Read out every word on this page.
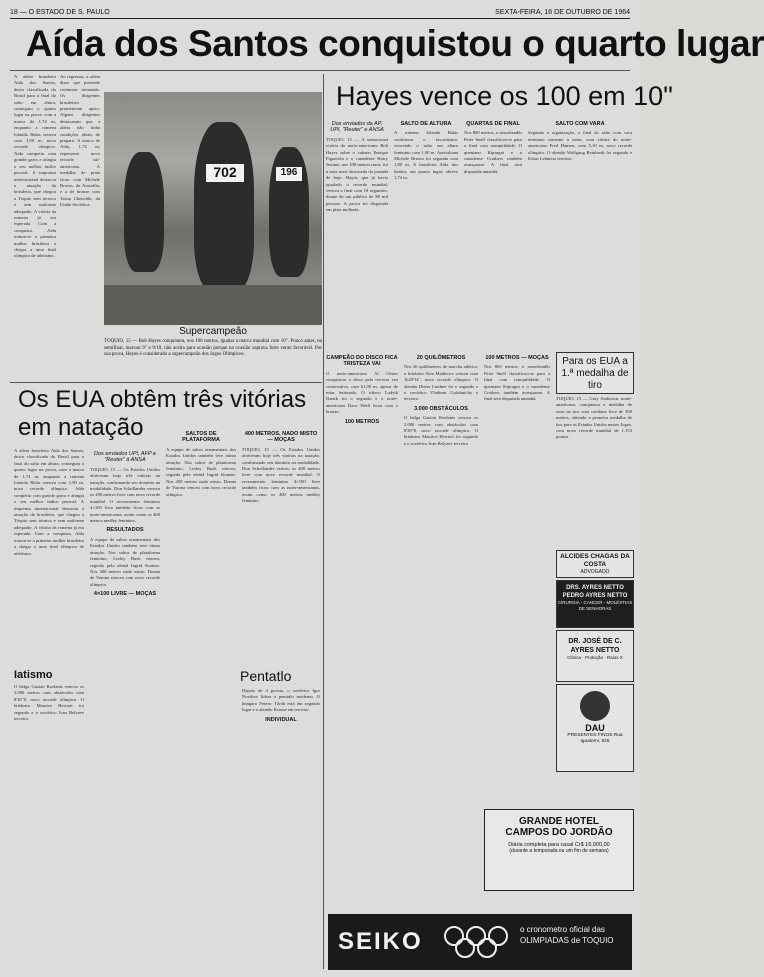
18 — O ESTADO DE S. PAULO	SEXTA-FEIRA, 16 DE OUTUBRO DE 1964
Aída dos Santos conquistou o quarto lugar
A atleta brasileira Aída dos Santos, única classificada do Brasil para a final do salto em altura, conseguiu o quarto lugar na prova, com a marca de 1,74 m, enquanto a romena Iolanda Balas venceu com 1,90 m, novo recorde olímpico. Aída competiu com grande garra e atingiu o seu melhor índice pessoal. A imprensa internacional destacou a atuação da brasileira, que chegou a Tóquio sem técnico e sem uniforme adequado. A vitória da romena já era esperada. Com a conquista, Aída tornou-se a primeira mulher brasileira a chegar a uma final olímpica de atletismo.
Ao regressar, a atleta disse que pretende continuar treinando. Os dirigentes brasileiros prometeram apoio. Alguns dirigentes destacaram que a atleta não tinha condições ideais de preparo. A marca de Aída, 1,74 m, representa novo recorde sul-americano. A medalha de prata ficou com Michele Brown, da Austrália, e a de bronze com Taisia Chenchik, da União Soviética.
702	196
Supercampeão
TOQUIO, 15 — Bob Hayes conquistou, nos 100 metros, igualar a marca mundial com 10". Pouco antes, na semifinal, marcou 9" e 9/10, não aceita para ocasião porque na ocasião soprava forte vento favorável. Por sua prova, Hayes é considerado a supercampeão dos Jogos Olímpicos.
Hayes vence os 100 em 10"
Dos enviados da AP, UPI, "Reuter" e ANSA
TOQUIO, 15 — A sensacional vitória do norte-americano Bob Hayes sobre o cubano Enrique Figuerola e o canadense Harry Jerome, nos 100 metros rasos, foi a nota mais destacada da jornada de hoje. Hayes, que já havia igualado o recorde mundial, venceu a final com 10 segundos, diante de um público de 80 mil pessoas. A prova foi disputada em pista molhada.
SALTO DE ALTURA
A romena Iolanda Balas confirmou o favoritismo, vencendo o salto em altura feminino com 1,90 m. Australiana Michele Brown foi segunda com 1,80 m. A brasileira Aída dos Santos, em quarto lugar, obteve 1,74 m.
QUARTAS DE FINAL
Nos 800 metros, o neozelandês Peter Snell classificou-se para a final com tranquilidade. O queniano Kiprugut e o canadense Crothers também avançaram. A final será disputada amanhã.
SALTO COM VARA
Segundo a organização, a final do salto com vara terminou somente à noite, com vitória do norte-americano Fred Hansen, com 5,10 m, novo recorde olímpico. O alemão Wolfgang Reinhardt foi segundo e Klaus Lehnertz terceiro.
Os EUA obtêm três vitórias em natação
A atleta brasileira Aída dos Santos, única classificada do Brasil para a final do salto em altura, conseguiu o quarto lugar na prova, com a marca de 1,74 m, enquanto a romena Iolanda Balas venceu com 1,90 m, novo recorde olímpico. Aída competiu com grande garra e atingiu o seu melhor índice pessoal. A imprensa internacional destacou a atuação da brasileira, que chegou a Tóquio sem técnico e sem uniforme adequado. A vitória da romena já era esperada. Com a conquista, Aída tornou-se a primeira mulher brasileira a chegar a uma final olímpica de atletismo.
Dos enviados UPI, AFP e "Reuter" à ANSA
TOQUIO, 15 — Os Estados Unidos obtiveram hoje três vitórias na natação, confirmando seu domínio na modalidade. Don Schollander venceu os 400 metros livre com novo recorde mundial. O revezamento feminino 4×100 livre também ficou com as norte-americanas, assim como os 400 metros medley feminino.
RESULTADOS
A equipe de saltos ornamentais dos Estados Unidos também teve ótima atuação. Nos saltos de plataforma feminino, Lesley Bush venceu, seguida pela alemã Ingrid Kramer. Nos 400 metros nado misto, Donna de Varona venceu com novo recorde olímpico.
4×100 LIVRE — MOÇAS
SALTOS DE PLATAFORMA
A equipe de saltos ornamentais dos Estados Unidos também teve ótima atuação. Nos saltos de plataforma feminino, Lesley Bush venceu, seguida pela alemã Ingrid Kramer. Nos 400 metros nado misto, Donna de Varona venceu com novo recorde olímpico.
400 METROS, NADO MISTO — MOÇAS
TOQUIO, 15 — Os Estados Unidos obtiveram hoje três vitórias na natação, confirmando seu domínio na modalidade. Don Schollander venceu os 400 metros livre com novo recorde mundial. O revezamento feminino 4×100 livre também ficou com as norte-americanas, assim como os 400 metros medley feminino.
Iatismo
O belga Gaston Roelants venceu os 3.000 metros com obstáculos com 8'30"8, novo recorde olímpico. O britânico Maurice Herriott foi segundo e o soviético Ivan Belyaev terceiro.
Pentatlo
Depois de 4 provas, o soviético Igor Novikov lidera o pentatlo moderno. O húngaro Ferenc Török está em segundo lugar e o alemão Krause em terceiro.
INDIVIDUAL
CAMPEÃO DO DISCO FICA TRISTEZA VAI
O norte-americano Al Oerter conquistou o disco pela terceira vez consecutiva, com 61,00 m, apesar de estar lesionado. O tcheco Ludvik Danek foi o segundo e o norte-americano Dave Weill ficou com o bronze.
100 METROS
20 QUILÔMETROS
Nos 20 quilômetros de marcha atlética, o britânico Ken Matthews venceu com 1h29'34", novo recorde olímpico. O alemão Dieter Lindner foi o segundo e o soviético Vladimir Golubnichy o terceiro.
3.000 OBSTÁCULOS
O belga Gaston Roelants venceu os 3.000 metros com obstáculos com 8'30"8, novo recorde olímpico. O britânico Maurice Herriott foi segundo e o soviético Ivan Belyaev terceiro.
100 METROS — MOÇAS
Nos 800 metros, o neozelandês Peter Snell classificou-se para a final com tranquilidade. O queniano Kiprugut e o canadense Crothers também avançaram. A final será disputada amanhã.
Para os EUA a 1.ª medalha de tiro
TOQUIO, 15 — Gary Anderson, norte-americano, conquistou a medalha de ouro no tiro com carabina livre de 300 metros, obtendo a primeira medalha de tiro para os Estados Unidos nestes Jogos, com novo recorde mundial de 1.153 pontos.
ALCIDES CHAGAS DA COSTA
ADVOGADO
DRS. AYRES NETTO PEDRO AYRES NETTO
CIRURGIA - CANCER - MOLÉSTIAS DE SENHORAS
DR. JOSÉ DE C. AYRES NETTO
Clínica · Proteção · Raios X
DAU
PRESENTES FINOS Rua Iguatemi, 825
GRANDE HOTEL
CAMPOS DO JORDÃO
Diária completa para casal Cr$ 16.000,00
(durante a temporada ou um fim de semana)
SEIKO	o cronometro oficial das OLIMPIADAS de TOQUIO
